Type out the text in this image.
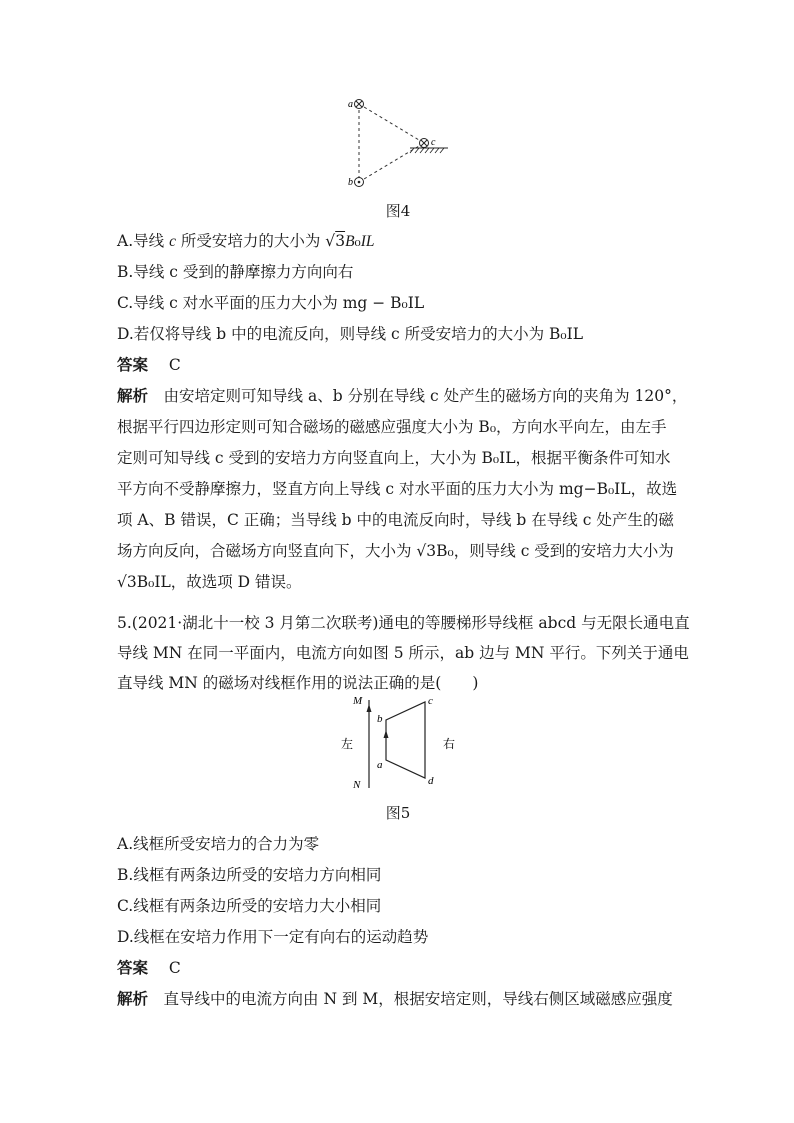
a
b
c
图4
A.导线 c 所受安培力的大小为 √3B₀IL
B.导线 c 受到的静摩擦力方向向右
C.导线 c 对水平面的压力大小为 mg − B₀IL
D.若仅将导线 b 中的电流反向，则导线 c 所受安培力的大小为 B₀IL
答案　 C
解析　 由安培定则可知导线 a、b 分别在导线 c 处产生的磁场方向的夹角为 120°，
根据平行四边形定则可知合磁场的磁感应强度大小为 B₀，方向水平向左，由左手
定则可知导线 c 受到的安培力方向竖直向上，大小为 B₀IL，根据平衡条件可知水
平方向不受静摩擦力，竖直方向上导线 c 对水平面的压力大小为 mg−B₀IL，故选
项 A、B 错误，C 正确；当导线 b 中的电流反向时，导线 b 在导线 c 处产生的磁
场方向反向，合磁场方向竖直向下，大小为 √3B₀，则导线 c 受到的安培力大小为
√3B₀IL，故选项 D 错误。
5.(2021·湖北十一校 3 月第二次联考)通电的等腰梯形导线框 abcd 与无限长通电直
导线 MN 在同一平面内，电流方向如图 5 所示，ab 边与 MN 平行。下列关于通电
直导线 MN 的磁场对线框作用的说法正确的是(　　)
M
N
b
a
c
d
左	右
图5
A.线框所受安培力的合力为零
B.线框有两条边所受的安培力方向相同
C.线框有两条边所受的安培力大小相同
D.线框在安培力作用下一定有向右的运动趋势
答案　 C
解析　 直导线中的电流方向由 N 到 M，根据安培定则，导线右侧区域磁感应强度
